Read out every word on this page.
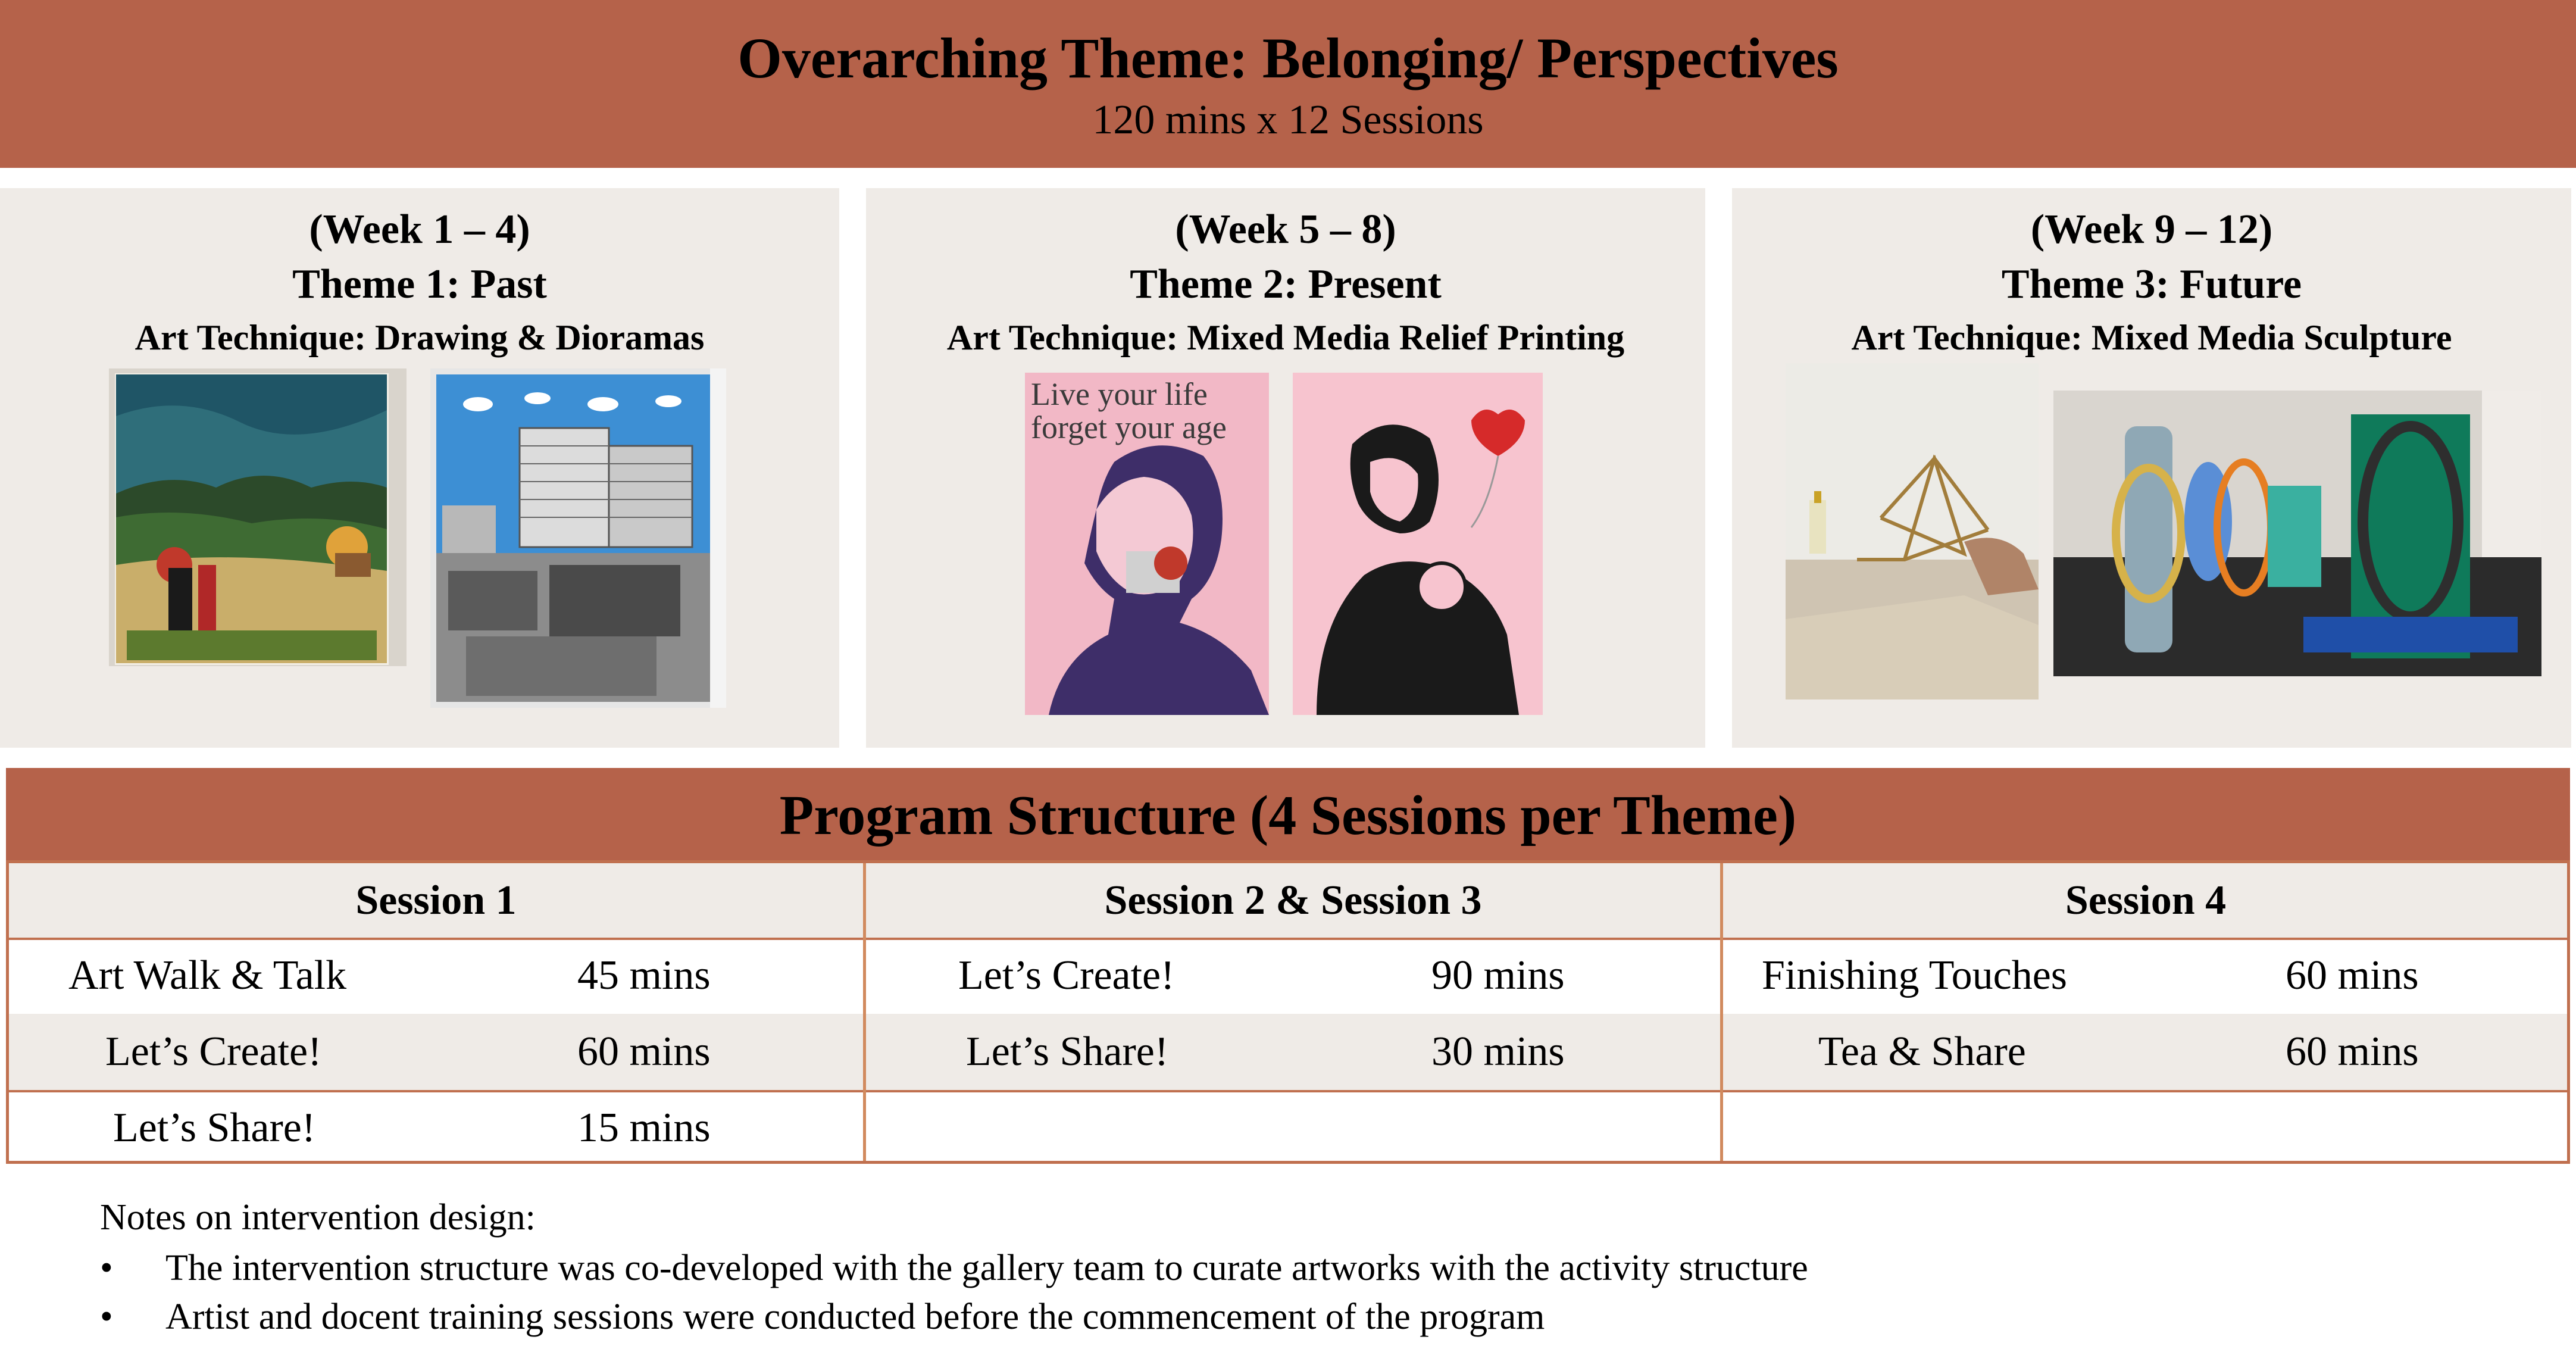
Overarching Theme: Belonging/ Perspectives
120 mins x 12 Sessions
(Week 1 – 4)
Theme 1: Past
Art Technique: Drawing & Dioramas
(Week 5 – 8)
Theme 2: Present
Art Technique: Mixed Media Relief Printing
Live your life
forget your age
(Week 9 – 12)
Theme 3: Future
Art Technique: Mixed Media Sculpture
Program Structure (4 Sessions per Theme)
Session 1	Session 2 & Session 3	Session 4
Art Walk & Talk	45 mins	Let’s Create!	90 mins	Finishing Touches	60 mins
Let’s Create!	60 mins	Let’s Share!	30 mins	Tea & Share	60 mins
Let’s Share!	15 mins
Notes on intervention design:
• The intervention structure was co-developed with the gallery team to curate artworks with the activity structure
• Artist and docent training sessions were conducted before the commencement of the program
